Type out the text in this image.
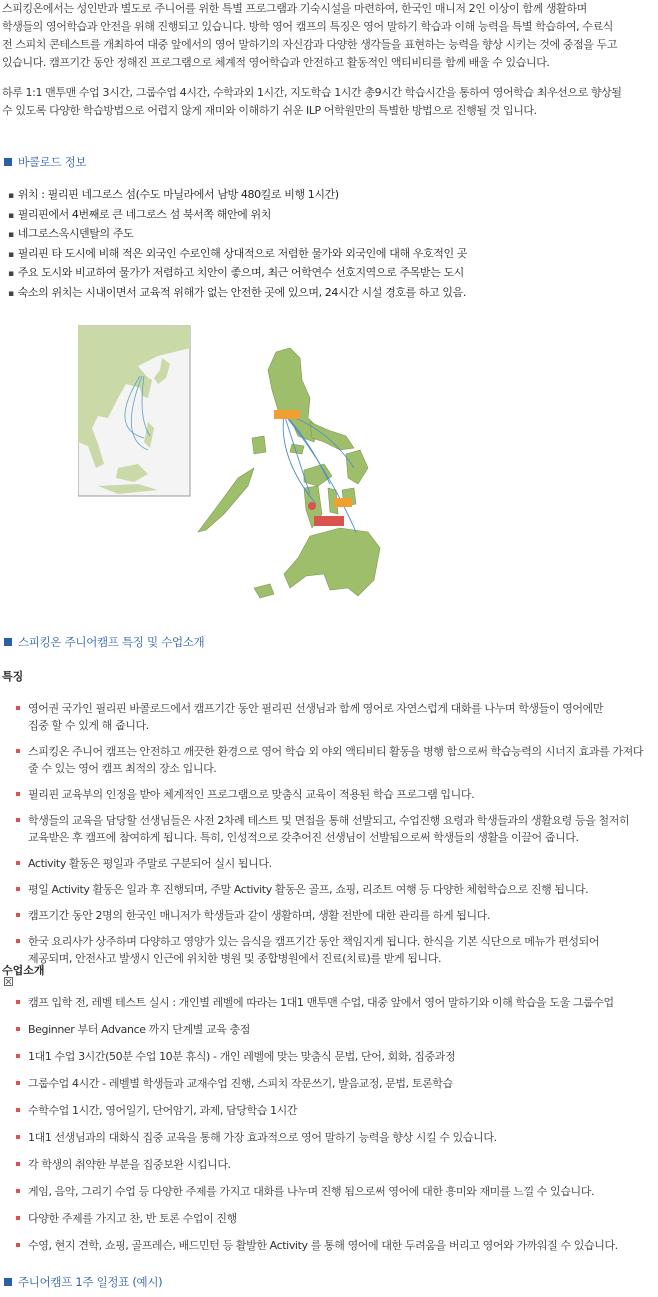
스피킹온에서는 성인반과 별도로 주니어를 위한 특별 프로그램과 기숙시설을 마련하여, 한국인 매니저 2인 이상이 함께 생활하며
학생들의 영어학습과 안전을 위해 진행되고 있습니다. 방학 영어 캠프의 특징은 영어 말하기 학습과 이해 능력을 특별 학습하여, 수료식
전 스피치 콘테스트를 개최하여 대중 앞에서의 영어 말하기의 자신감과 다양한 생각들을 표현하는 능력을 향상 시키는 것에 중점을 두고
있습니다. 캠프기간 동안 정해진 프로그램으로 체계적 영어학습과 안전하고 활동적인 액티비티를 함께 배울 수 있습니다.
하루 1:1 맨투맨 수업 3시간, 그룹수업 4시간, 수학과외 1시간, 지도학습 1시간 총9시간 학습시간을 통하여 영어학습 최우선으로 향상될
수 있도록 다양한 학습방법으로 어렵지 않게 재미와 이해하기 쉬운 ILP 어학원만의 특별한 방법으로 진행될 것 입니다.
바콜로드 정보
▪ 위치 : 필리핀 네그로스 섬(수도 마닐라에서 남방 480킬로 비행 1시간)
▪ 필리핀에서 4번째로 큰 네그로스 섬 북서쪽 해안에 위치
▪ 네그로스옥시덴탈의 주도
▪ 필리핀 타 도시에 비해 적은 외국인 수로인해 상대적으로 저렴한 물가와 외국인에 대해 우호적인 곳
▪ 주요 도시와 비교하여 물가가 저렴하고 치안이 좋으며, 최근 어학연수 선호지역으로 주목받는 도시
▪ 숙소의 위치는 시내이면서 교육적 위해가 없는 안전한 곳에 있으며, 24시간 시설 경호를 하고 있음.
스피킹온 주니어캠프 특징 및 수업소개
특징
영어권 국가인 필리핀 바콜로드에서 캠프기간 동안 필리핀 선생님과 함께 영어로 자연스럽게 대화를 나누며 학생들이 영어에만
집중 할 수 있게 해 줍니다.
스피킹온 주니어 캠프는 안전하고 깨끗한 환경으로 영어 학습 외 야외 액티비티 활동을 병행 함으로써 학습능력의 시너지 효과를 가져다
줄 수 있는 영어 캠프 최적의 장소 입니다.
필리핀 교육부의 인정을 받아 체계적인 프로그램으로 맞춤식 교육이 적용된 학습 프로그램 입니다.
학생들의 교육을 담당할 선생님들은 사전 2차례 테스트 및 면접을 통해 선발되고, 수업진행 요령과 학생들과의 생활요령 등을 철저히
교육받은 후 캠프에 참여하게 됩니다. 특히, 인성적으로 갖추어진 선생님이 선발됨으로써 학생들의 생활을 이끌어 줍니다.
Activity 활동은 평일과 주말로 구분되어 실시 됩니다.
평일 Activity 활동은 일과 후 진행되며, 주말 Activity 활동은 골프, 쇼핑, 리조트 여행 등 다양한 체험학습으로 진행 됩니다.
캠프기간 동안 2명의 한국인 매니저가 학생들과 같이 생활하며, 생활 전반에 대한 관리를 하게 됩니다.
한국 요리사가 상주하며 다양하고 영양가 있는 음식을 캠프기간 동안 책임지게 됩니다. 한식을 기본 식단으로 메뉴가 편성되어
제공되며, 안전사고 발생시 인근에 위치한 병원 및 종합병원에서 진료(치료)를 받게 됩니다.
수업소개
캠프 입학 전, 레벨 테스트 실시 : 개인별 레벨에 따라는 1대1 맨투맨 수업, 대중 앞에서 영어 말하기와 이해 학습을 도울 그룹수업
Beginner 부터 Advance 까지 단계별 교육 충점
1대1 수업 3시간(50분 수업 10분 휴식) - 개인 레벨에 맞는 맞춤식 문법, 단어, 회화, 집중과정
그룹수업 4시간 - 레벨별 학생들과 교재수업 진행, 스피치 작문쓰기, 발음교정, 문법, 토론학습
수학수업 1시간, 영어일기, 단어암기, 과제, 담당학습 1시간
1대1 선생님과의 대화식 집중 교육을 통해 가장 효과적으로 영어 말하기 능력을 향상 시킬 수 있습니다.
각 학생의 취약한 부분을 집중보완 시킵니다.
게임, 음악, 그리기 수업 등 다양한 주제를 가지고 대화를 나누며 진행 됨으로써 영어에 대한 흥미와 재미를 느낄 수 있습니다.
다양한 주제를 가지고 찬, 반 토론 수업이 진행
수영, 현지 견학, 쇼핑, 골프레슨, 배드민턴 등 활발한 Activity 를 통해 영어에 대한 두려움을 버리고 영어와 가까워질 수 있습니다.
주니어캠프 1주 일정표 (예시)
